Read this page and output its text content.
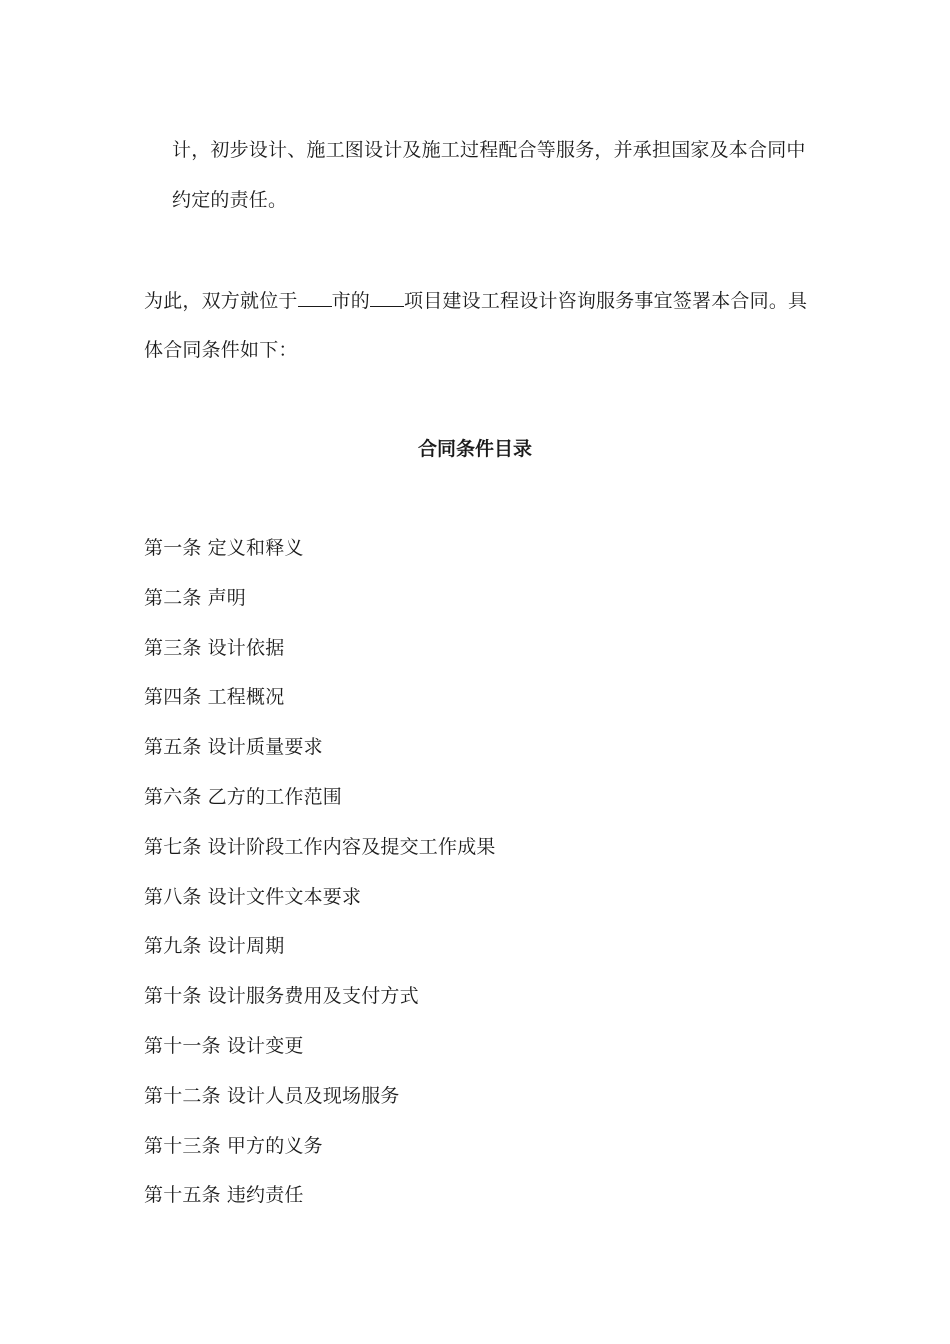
计，初步设计、施工图设计及施工过程配合等服务，并承担国家及本合同中
约定的责任。
为此，双方就位于 市的 项目建设工程设计咨询服务事宜签署本合同。具
体合同条件如下：
合同条件目录
第一条 定义和释义
第二条 声明
第三条 设计依据
第四条 工程概况
第五条 设计质量要求
第六条 乙方的工作范围
第七条 设计阶段工作内容及提交工作成果
第八条 设计文件文本要求
第九条 设计周期
第十条 设计服务费用及支付方式
第十一条 设计变更
第十二条 设计人员及现场服务
第十三条 甲方的义务
第十五条 违约责任
